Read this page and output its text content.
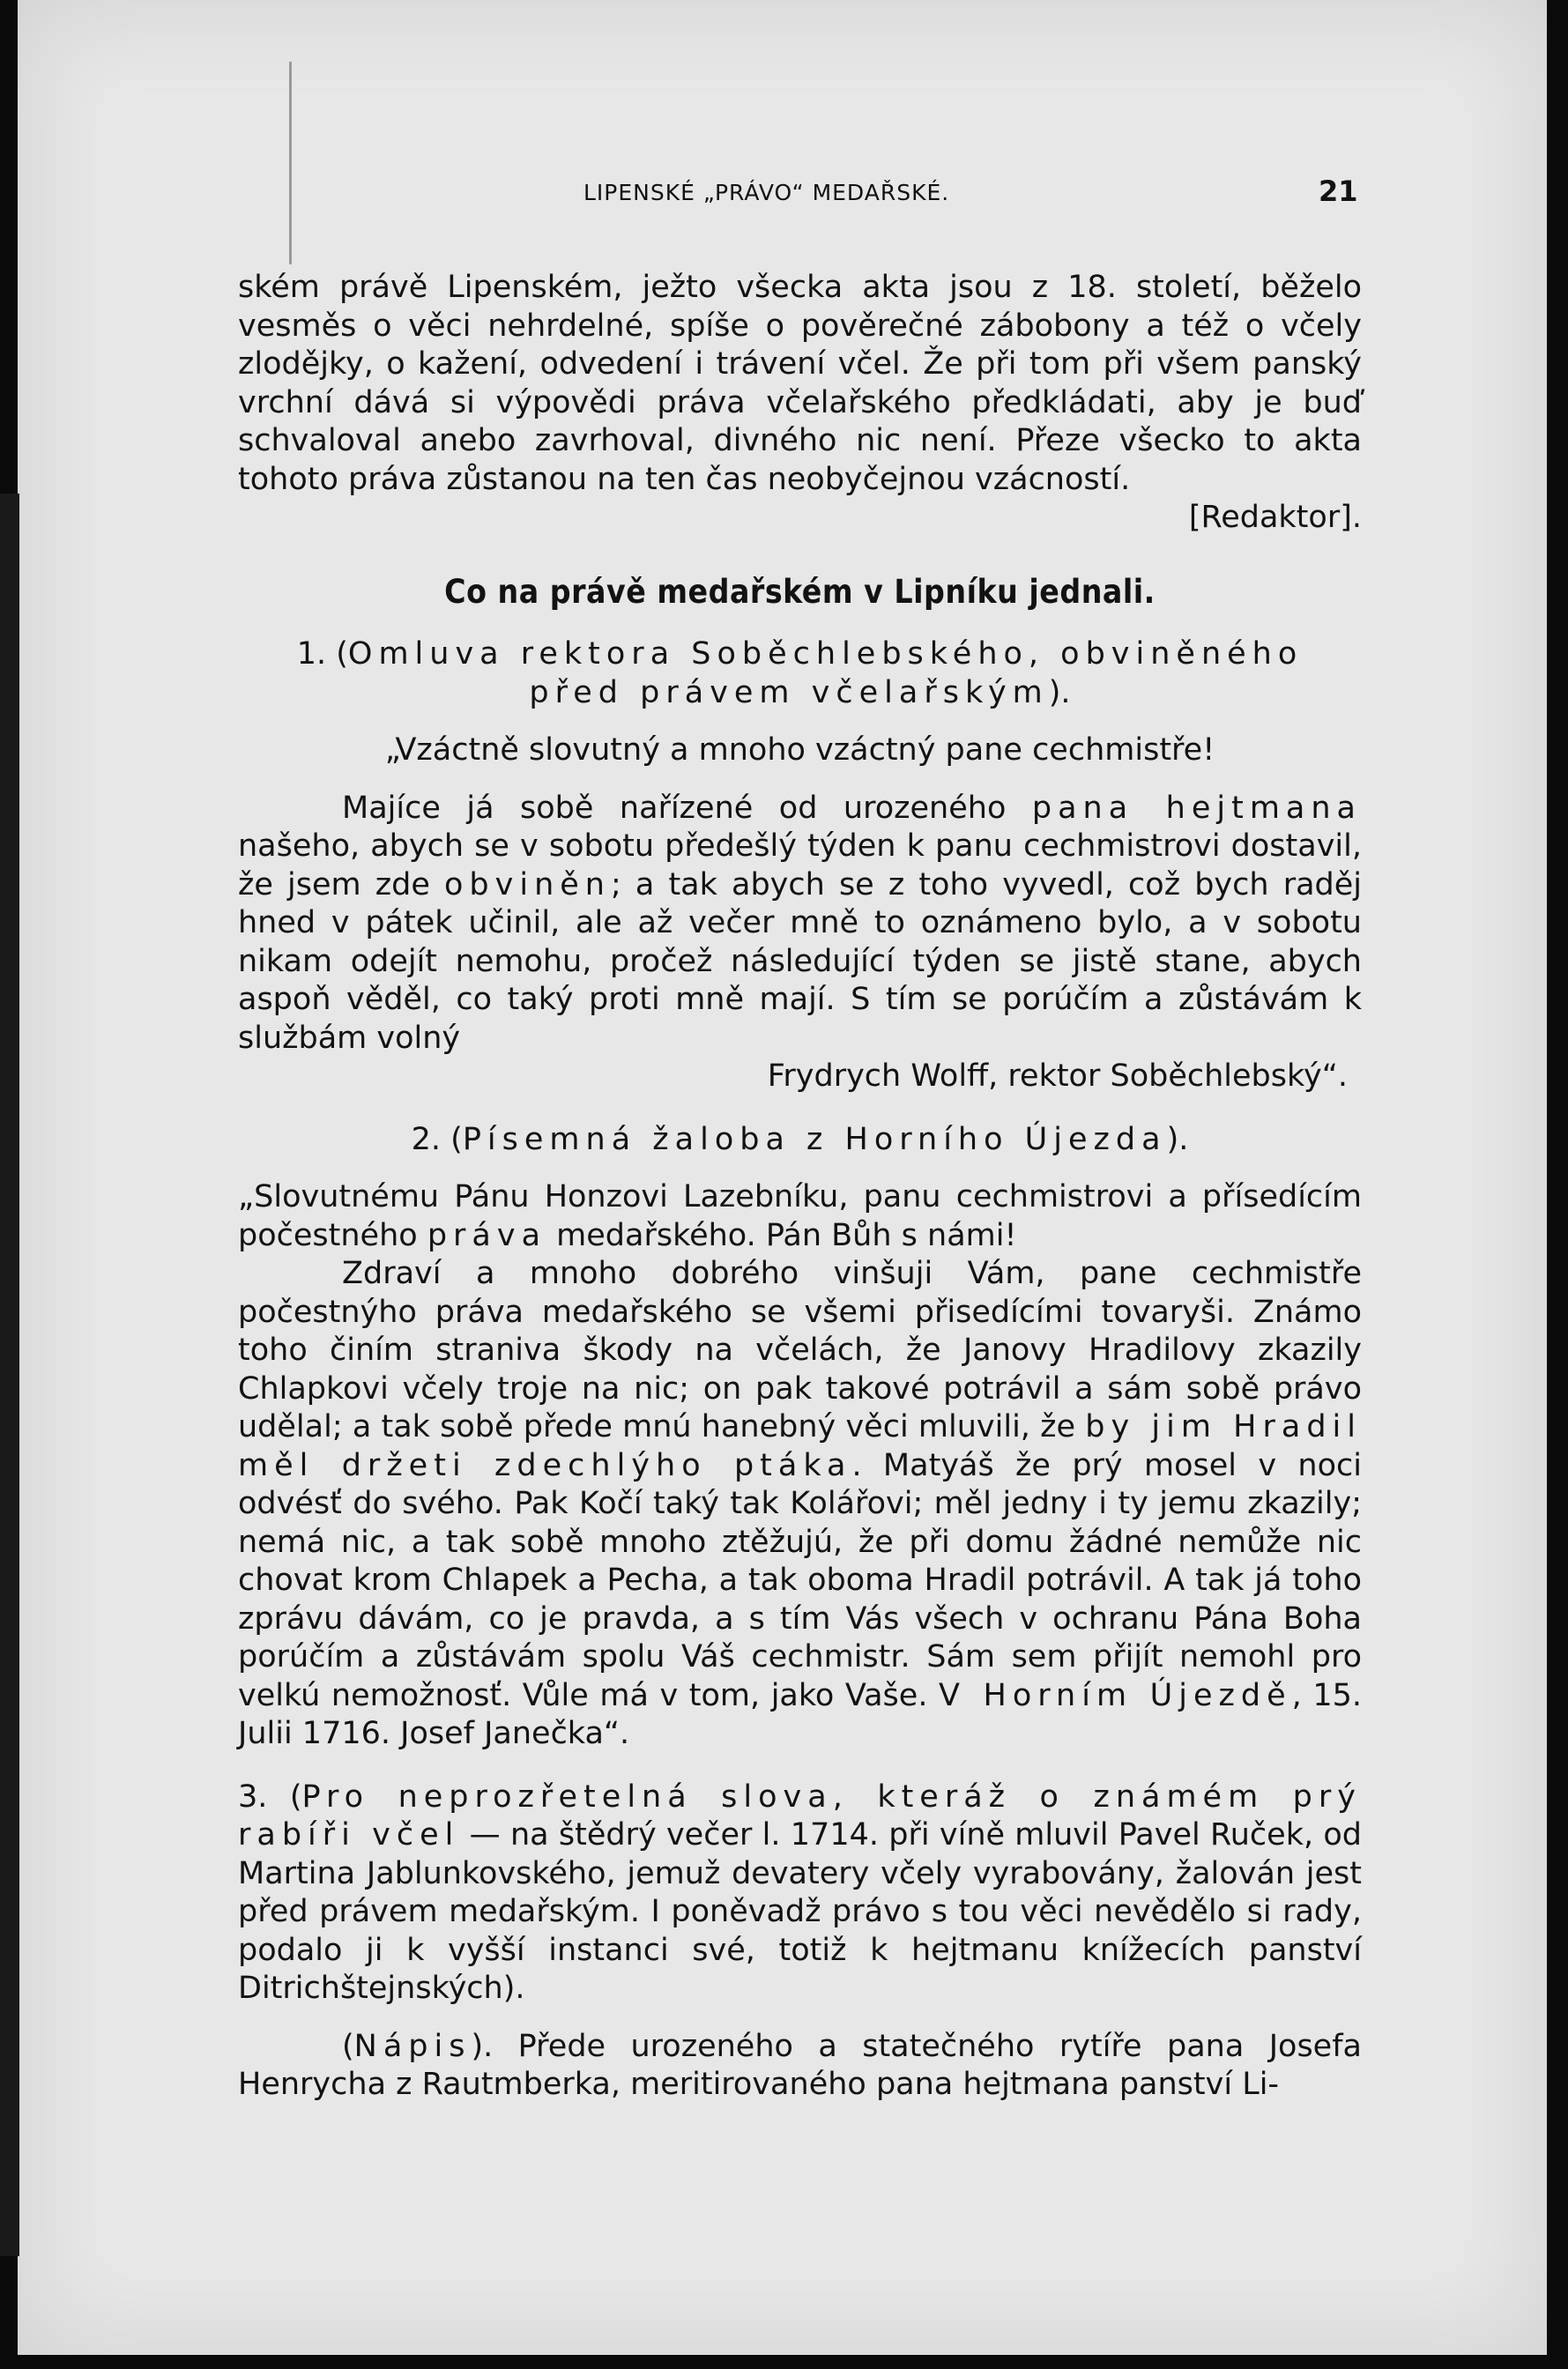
LIPENSKÉ „PRÁVO“ MEDAŘSKÉ.	21

ském právě Lipenském, ježto všecka akta jsou z 18. století, běželo vesměs o věci nehrdelné, spíše o pověrečné zábobony a též o včely zlodějky, o kažení, odvedení i trávení včel. Že při tom při všem panský vrchní dává si výpovědi práva včelařského předkládati, aby je buď schvaloval anebo zavrhoval, divného nic není. Přeze všecko to akta tohoto práva zůstanou na ten čas neobyčejnou vzácností.

[Redaktor].

Co na právě medařském v Lipníku jednali.

1. (Omluva rektora Soběchlebského, obviněného
před právem včelařským).

„Vzáctně slovutný a mnoho vzáctný pane cechmistře!

Majíce já sobě nařízené od urozeného pana hejtmana našeho, abych se v sobotu předešlý týden k panu cechmistrovi dostavil, že jsem zde obviněn; a tak abych se z toho vyvedl, což bych raděj hned v pátek učinil, ale až večer mně to oznámeno bylo, a v sobotu nikam odejít nemohu, pročež následující týden se jistě stane, abych aspoň věděl, co taký proti mně mají. S tím se porúčím a zůstávám k službám volný

Frydrych Wolff, rektor Soběchlebský“.

2. (Písemná žaloba z Horního Újezda).

„Slovutnému Pánu Honzovi Lazebníku, panu cechmistrovi a přísedícím počestného práva medařského. Pán Bůh s námi!

Zdraví a mnoho dobrého vinšuji Vám, pane cechmistře počestnýho práva medařského se všemi přisedícími tovaryši. Známo toho činím straniva škody na včelách, že Janovy Hradilovy zkazily Chlapkovi včely troje na nic; on pak takové potrávil a sám sobě právo udělal; a tak sobě přede mnú hanebný věci mluvili, že by jim Hradil měl držeti zdechlýho ptáka. Matyáš že prý mosel v noci odvésť do svého. Pak Kočí taký tak Kolářovi; měl jedny i ty jemu zkazily; nemá nic, a tak sobě mnoho ztěžujú, že při domu žádné nemůže nic chovat krom Chlapek a Pecha, a tak oboma Hradil potrávil. A tak já toho zprávu dávám, co je pravda, a s tím Vás všech v ochranu Pána Boha porúčím a zůstávám spolu Váš cechmistr. Sám sem přijít nemohl pro velkú nemožnosť. Vůle má v tom, jako Vaše. V Horním Újezdě, 15. Julii 1716. Josef Janečka“.

3. (Pro neprozřetelná slova, kteráž o známém prý rabíři včel — na štědrý večer l. 1714. při víně mluvil Pavel Ruček, od Martina Jablunkovského, jemuž devatery včely vyrabovány, žalován jest před právem medařským. I poněvadž právo s tou věci nevědělo si rady, podalo ji k vyšší instanci své, totiž k hejtmanu knížecích panství Ditrichštejnských).

(Nápis). Přede urozeného a statečného rytíře pana Josefa Henrycha z Rautmberka, meritirovaného pana hejtmana panství Li-
